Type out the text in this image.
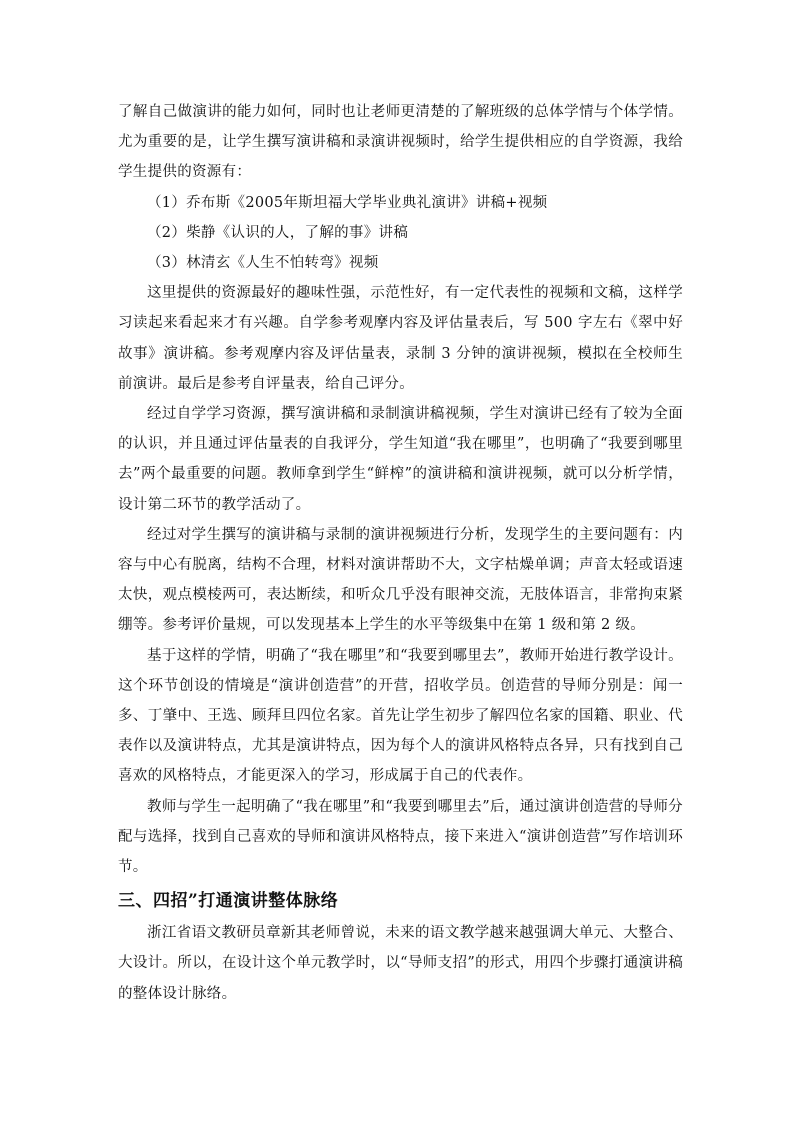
了解自己做演讲的能力如何，同时也让老师更清楚的了解班级的总体学情与个体学情。尤为重要的是，让学生撰写演讲稿和录演讲视频时，给学生提供相应的自学资源，我给学生提供的资源有：

（1）乔布斯《2005年斯坦福大学毕业典礼演讲》讲稿+视频

（2）柴静《认识的人，了解的事》讲稿

（3）林清玄《人生不怕转弯》视频

这里提供的资源最好的趣味性强，示范性好，有一定代表性的视频和文稿，这样学习读起来看起来才有兴趣。自学参考观摩内容及评估量表后，写 500 字左右《翠中好故事》演讲稿。参考观摩内容及评估量表，录制 3 分钟的演讲视频，模拟在全校师生前演讲。最后是参考自评量表，给自己评分。

经过自学学习资源，撰写演讲稿和录制演讲稿视频，学生对演讲已经有了较为全面的认识，并且通过评估量表的自我评分，学生知道“我在哪里”，也明确了“我要到哪里去”两个最重要的问题。教师拿到学生“鲜榨”的演讲稿和演讲视频，就可以分析学情，设计第二环节的教学活动了。

经过对学生撰写的演讲稿与录制的演讲视频进行分析，发现学生的主要问题有：内容与中心有脱离，结构不合理，材料对演讲帮助不大，文字枯燥单调；声音太轻或语速太快，观点模棱两可，表达断续，和听众几乎没有眼神交流，无肢体语言，非常拘束紧绷等。参考评价量规，可以发现基本上学生的水平等级集中在第 1 级和第 2 级。

基于这样的学情，明确了“我在哪里”和“我要到哪里去”，教师开始进行教学设计。这个环节创设的情境是“演讲创造营”的开营，招收学员。创造营的导师分别是：闻一多、丁肇中、王选、顾拜旦四位名家。首先让学生初步了解四位名家的国籍、职业、代表作以及演讲特点，尤其是演讲特点，因为每个人的演讲风格特点各异，只有找到自己喜欢的风格特点，才能更深入的学习，形成属于自己的代表作。

教师与学生一起明确了“我在哪里”和“我要到哪里去”后，通过演讲创造营的导师分配与选择，找到自己喜欢的导师和演讲风格特点，接下来进入“演讲创造营”写作培训环节。

三、四招”打通演讲整体脉络

浙江省语文教研员章新其老师曾说，未来的语文教学越来越强调大单元、大整合、大设计。所以，在设计这个单元教学时，以“导师支招”的形式，用四个步骤打通演讲稿的整体设计脉络。
